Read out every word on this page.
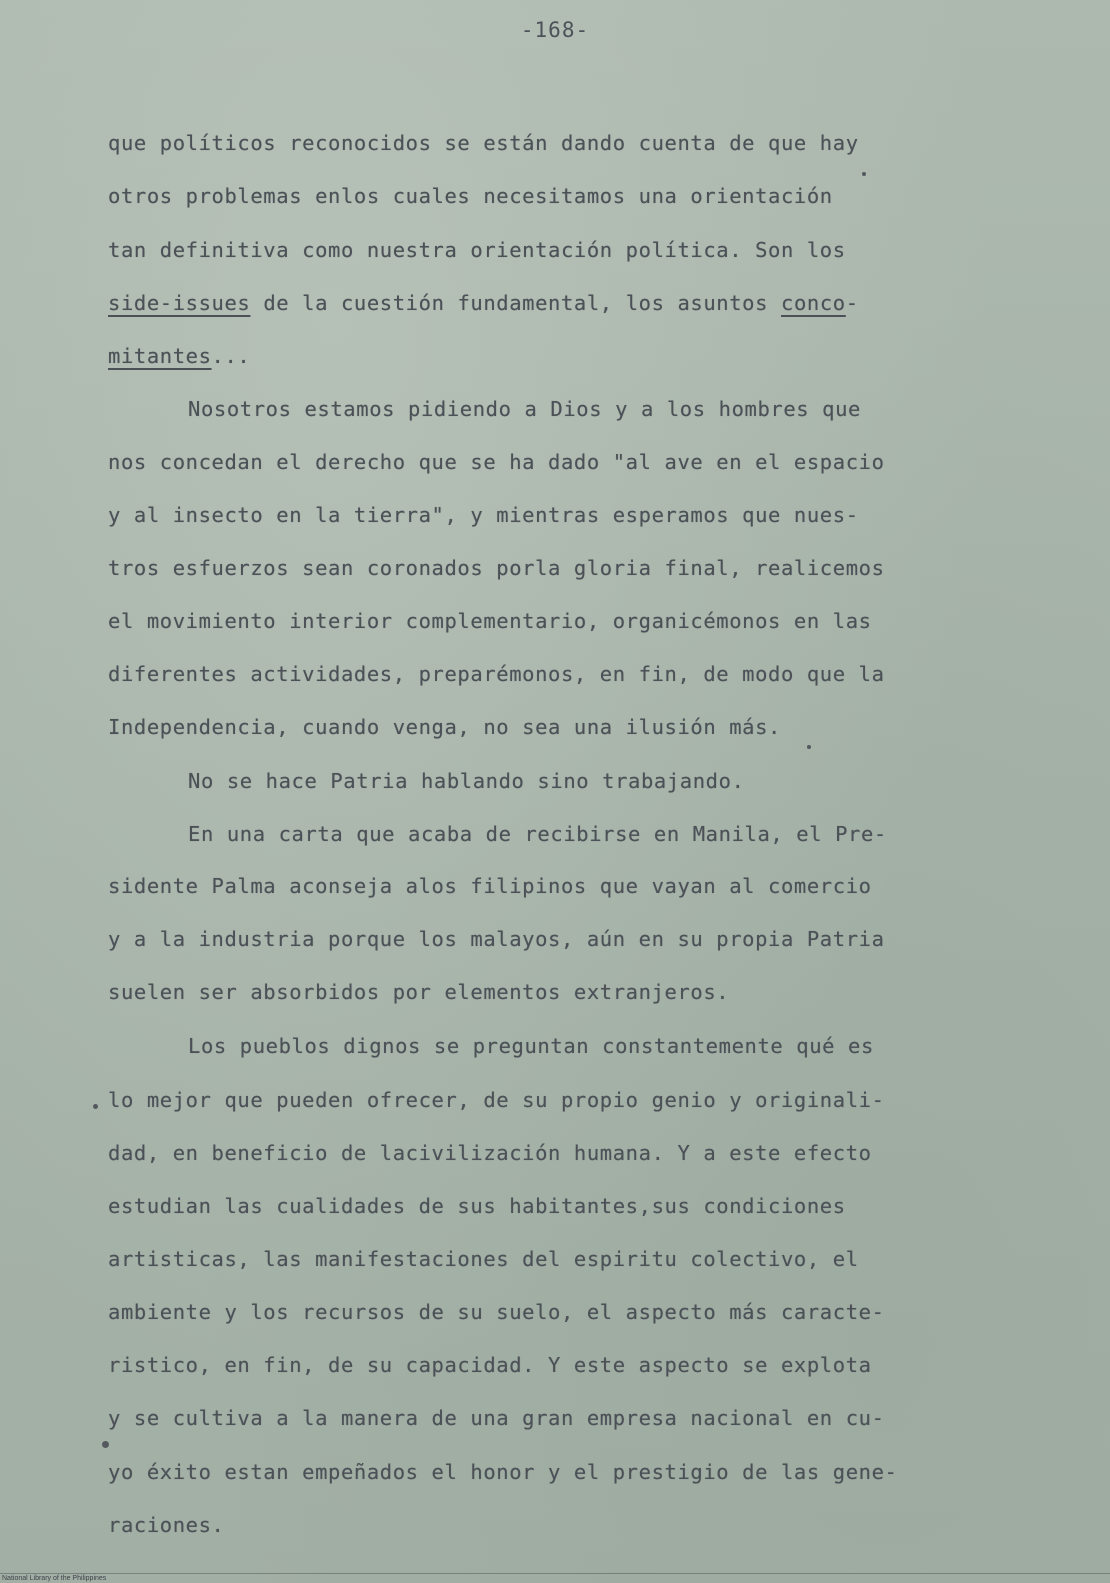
-168-
que políticos reconocidos se están dando cuenta de que hay
otros problemas enlos cuales necesitamos una orientación
tan definitiva como nuestra orientación política. Son los
side-issues de la cuestión fundamental, los asuntos conco-
mitantes...
Nosotros estamos pidiendo a Dios y a los hombres que
nos concedan el derecho que se ha dado "al ave en el espacio
y al insecto en la tierra", y mientras esperamos que nues-
tros esfuerzos sean coronados porla gloria final, realicemos
el movimiento interior complementario, organicémonos en las
diferentes actividades, preparémonos, en fin, de modo que la
Independencia, cuando venga, no sea una ilusión más.
No se hace Patria hablando sino trabajando.
En una carta que acaba de recibirse en Manila, el Pre-
sidente Palma aconseja alos filipinos que vayan al comercio
y a la industria porque los malayos, aún en su propia Patria
suelen ser absorbidos por elementos extranjeros.
Los pueblos dignos se preguntan constantemente qué es
lo mejor que pueden ofrecer, de su propio genio y originali-
dad, en beneficio de lacivilización humana. Y a este efecto
estudian las cualidades de sus habitantes,sus condiciones
artisticas, las manifestaciones del espiritu colectivo, el
ambiente y los recursos de su suelo, el aspecto más caracte-
ristico, en fin, de su capacidad. Y este aspecto se explota
y se cultiva a la manera de una gran empresa nacional en cu-
yo éxito estan empeñados el honor y el prestigio de las gene-
raciones.
National Library of the Philippines
